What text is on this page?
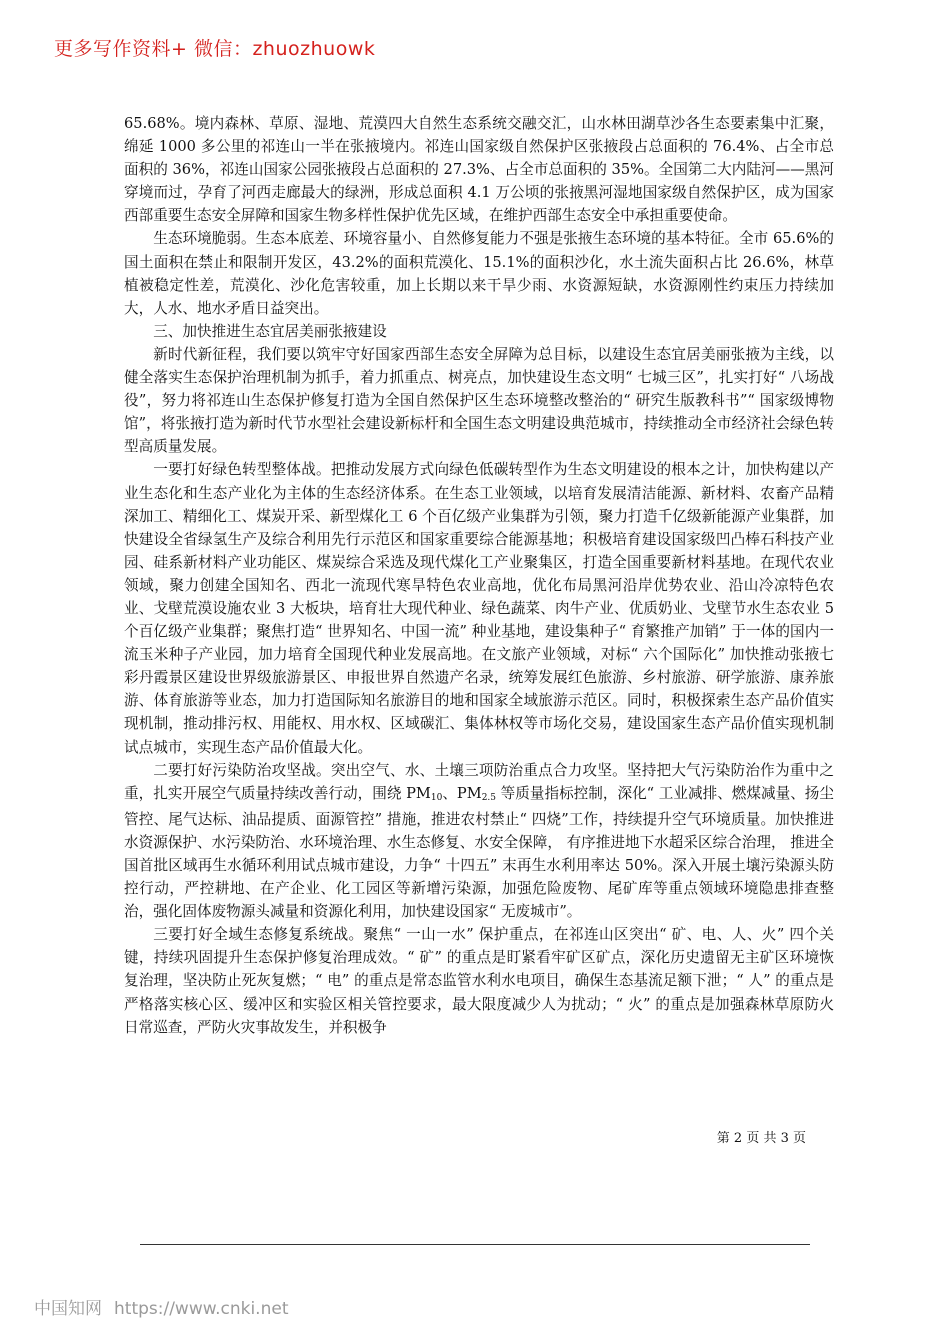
更多写作资料+ 微信：zhuozhuowk

65.68%。境内森林、草原、湿地、荒漠四大自然生态系统交融交汇，山水林田湖草沙各生态要素集中汇聚，绵延 1000 多公里的祁连山一半在张掖境内。祁连山国家级自然保护区张掖段占总面积的 76.4%、占全市总面积的 36%，祁连山国家公园张掖段占总面积的 27.3%、占全市总面积的 35%。全国第二大内陆河——黑河穿境而过，孕育了河西走廊最大的绿洲，形成总面积 4.1 万公顷的张掖黑河湿地国家级自然保护区，成为国家西部重要生态安全屏障和国家生物多样性保护优先区域，在维护西部生态安全中承担重要使命。

生态环境脆弱。生态本底差、环境容量小、自然修复能力不强是张掖生态环境的基本特征。全市 65.6%的国土面积在禁止和限制开发区，43.2%的面积荒漠化、15.1%的面积沙化，水土流失面积占比 26.6%，林草植被稳定性差，荒漠化、沙化危害较重，加上长期以来干旱少雨、水资源短缺，水资源刚性约束压力持续加大，人水、地水矛盾日益突出。

三、加快推进生态宜居美丽张掖建设

新时代新征程，我们要以筑牢守好国家西部生态安全屏障为总目标，以建设生态宜居美丽张掖为主线，以健全落实生态保护治理机制为抓手，着力抓重点、树亮点，加快建设生态文明“ 七城三区”，扎实打好“ 八场战役”，努力将祁连山生态保护修复打造为全国自然保护区生态环境整改整治的“ 研究生版教科书”“ 国家级博物馆”，将张掖打造为新时代节水型社会建设新标杆和全国生态文明建设典范城市，持续推动全市经济社会绿色转型高质量发展。

一要打好绿色转型整体战。把推动发展方式向绿色低碳转型作为生态文明建设的根本之计，加快构建以产业生态化和生态产业化为主体的生态经济体系。在生态工业领域，以培育发展清洁能源、新材料、农畜产品精深加工、精细化工、煤炭开采、新型煤化工 6 个百亿级产业集群为引领，聚力打造千亿级新能源产业集群，加快建设全省绿氢生产及综合利用先行示范区和国家重要综合能源基地；积极培育建设国家级凹凸棒石科技产业园、硅系新材料产业功能区、煤炭综合采选及现代煤化工产业聚集区，打造全国重要新材料基地。在现代农业领域，聚力创建全国知名、西北一流现代寒旱特色农业高地，优化布局黑河沿岸优势农业、沿山冷凉特色农业、戈壁荒漠设施农业 3 大板块，培育壮大现代种业、绿色蔬菜、肉牛产业、优质奶业、戈壁节水生态农业 5 个百亿级产业集群；聚焦打造“ 世界知名、中国一流” 种业基地，建设集种子“ 育繁推产加销” 于一体的国内一流玉米种子产业园，加力培育全国现代种业发展高地。在文旅产业领域，对标“ 六个国际化” 加快推动张掖七彩丹霞景区建设世界级旅游景区、申报世界自然遗产名录，统筹发展红色旅游、乡村旅游、研学旅游、康养旅游、体育旅游等业态，加力打造国际知名旅游目的地和国家全域旅游示范区。同时，积极探索生态产品价值实现机制，推动排污权、用能权、用水权、区域碳汇、集体林权等市场化交易，建设国家生态产品价值实现机制试点城市，实现生态产品价值最大化。

二要打好污染防治攻坚战。突出空气、水、土壤三项防治重点合力攻坚。坚持把大气污染防治作为重中之重，扎实开展空气质量持续改善行动，围绕 $PM_{10}$、$PM_{2.5}$ 等质量指标控制，深化“ 工业减排、燃煤减量、扬尘管控、尾气达标、油品提质、面源管控” 措施，推进农村禁止“ 四烧”工作，持续提升空气环境质量。加快推进水资源保护、水污染防治、水环境治理、水生态修复、水安全保障， 有序推进地下水超采区综合治理， 推进全国首批区域再生水循环利用试点城市建设，力争“ 十四五” 末再生水利用率达 50%。深入开展土壤污染源头防控行动，严控耕地、在产企业、化工园区等新增污染源，加强危险废物、尾矿库等重点领域环境隐患排查整治，强化固体废物源头减量和资源化利用，加快建设国家“ 无废城市”。

三要打好全域生态修复系统战。聚焦“ 一山一水” 保护重点，在祁连山区突出“ 矿、电、人、火” 四个关键，持续巩固提升生态保护修复治理成效。“ 矿” 的重点是盯紧看牢矿区矿点，深化历史遗留无主矿区环境恢复治理，坚决防止死灰复燃；“ 电” 的重点是常态监管水利水电项目，确保生态基流足额下泄；“ 人” 的重点是严格落实核心区、缓冲区和实验区相关管控要求，最大限度减少人为扰动；“ 火” 的重点是加强森林草原防火日常巡查，严防火灾事故发生，并积极争

第 2 页 共 3 页
中国知网 https://www.cnki.net
